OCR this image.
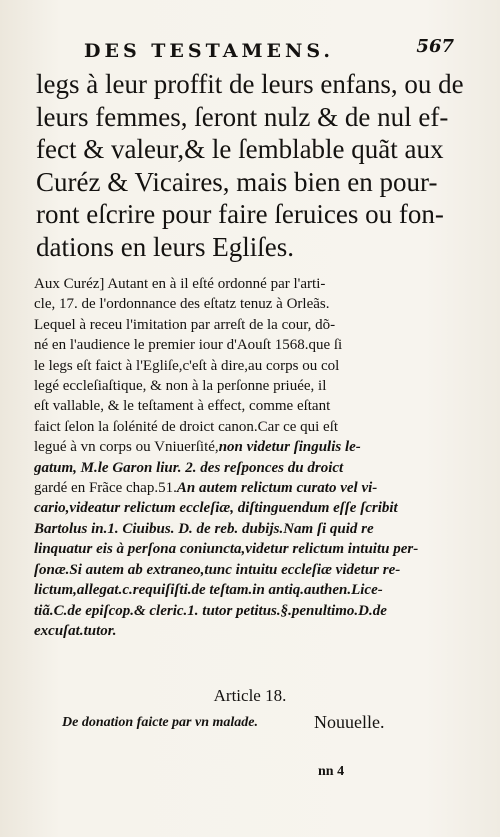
DES TESTAMENS.	567
legs à leur proffit de leurs enfans, ou de
leurs femmes, ſeront nulz & de nul ef-
fect & valeur,& le ſemblable quãt aux
Curéz & Vicaires, mais bien en pour-
ront eſcrire pour faire ſeruices ou fon-
dations en leurs Egliſes.
Aux Curéz] Autant en à il eſté ordonné par l'arti-
cle, 17. de l'ordonnance des eſtatz tenuz à Orleãs.
Lequel à receu l'imitation par arreſt de la cour, dõ-
né en l'audience le premier iour d'Aouſt 1568.que ſi
le legs eſt faict à l'Egliſe,c'eſt à dire,au corps ou col
legé eccleſiaſtique, & non à la perſonne priuée, il
eſt vallable, & le teſtament à effect, comme eſtant
faict ſelon la ſolénité de droict canon.Car ce qui eſt
legué à vn corps ou Vniuerſité,non videtur ſingulis le-
gatum, M.le Garon liur. 2. des reſponces du droict
gardé en Frãce chap.51.An autem relictum curato vel vi-
cario,videatur relictum eccleſiæ, diſtinguendum eſſe ſcribit
Bartolus in.1. Ciuibus. D. de reb. dubijs.Nam ſi quid re
linquatur eis à perſona coniuncta,videtur relictum intuitu per-
ſonæ.Si autem ab extraneo,tunc intuitu eccleſiæ videtur re-
lictum,allegat.c.requiſiſti.de teſtam.in antiq.authen.Lice-
tiã.C.de epiſcop.& cleric.1. tutor petitus.§.penultimo.D.de
excuſat.tutor.
Article 18.
De donation faicte par vn malade.	Nouuelle.
nn 4
